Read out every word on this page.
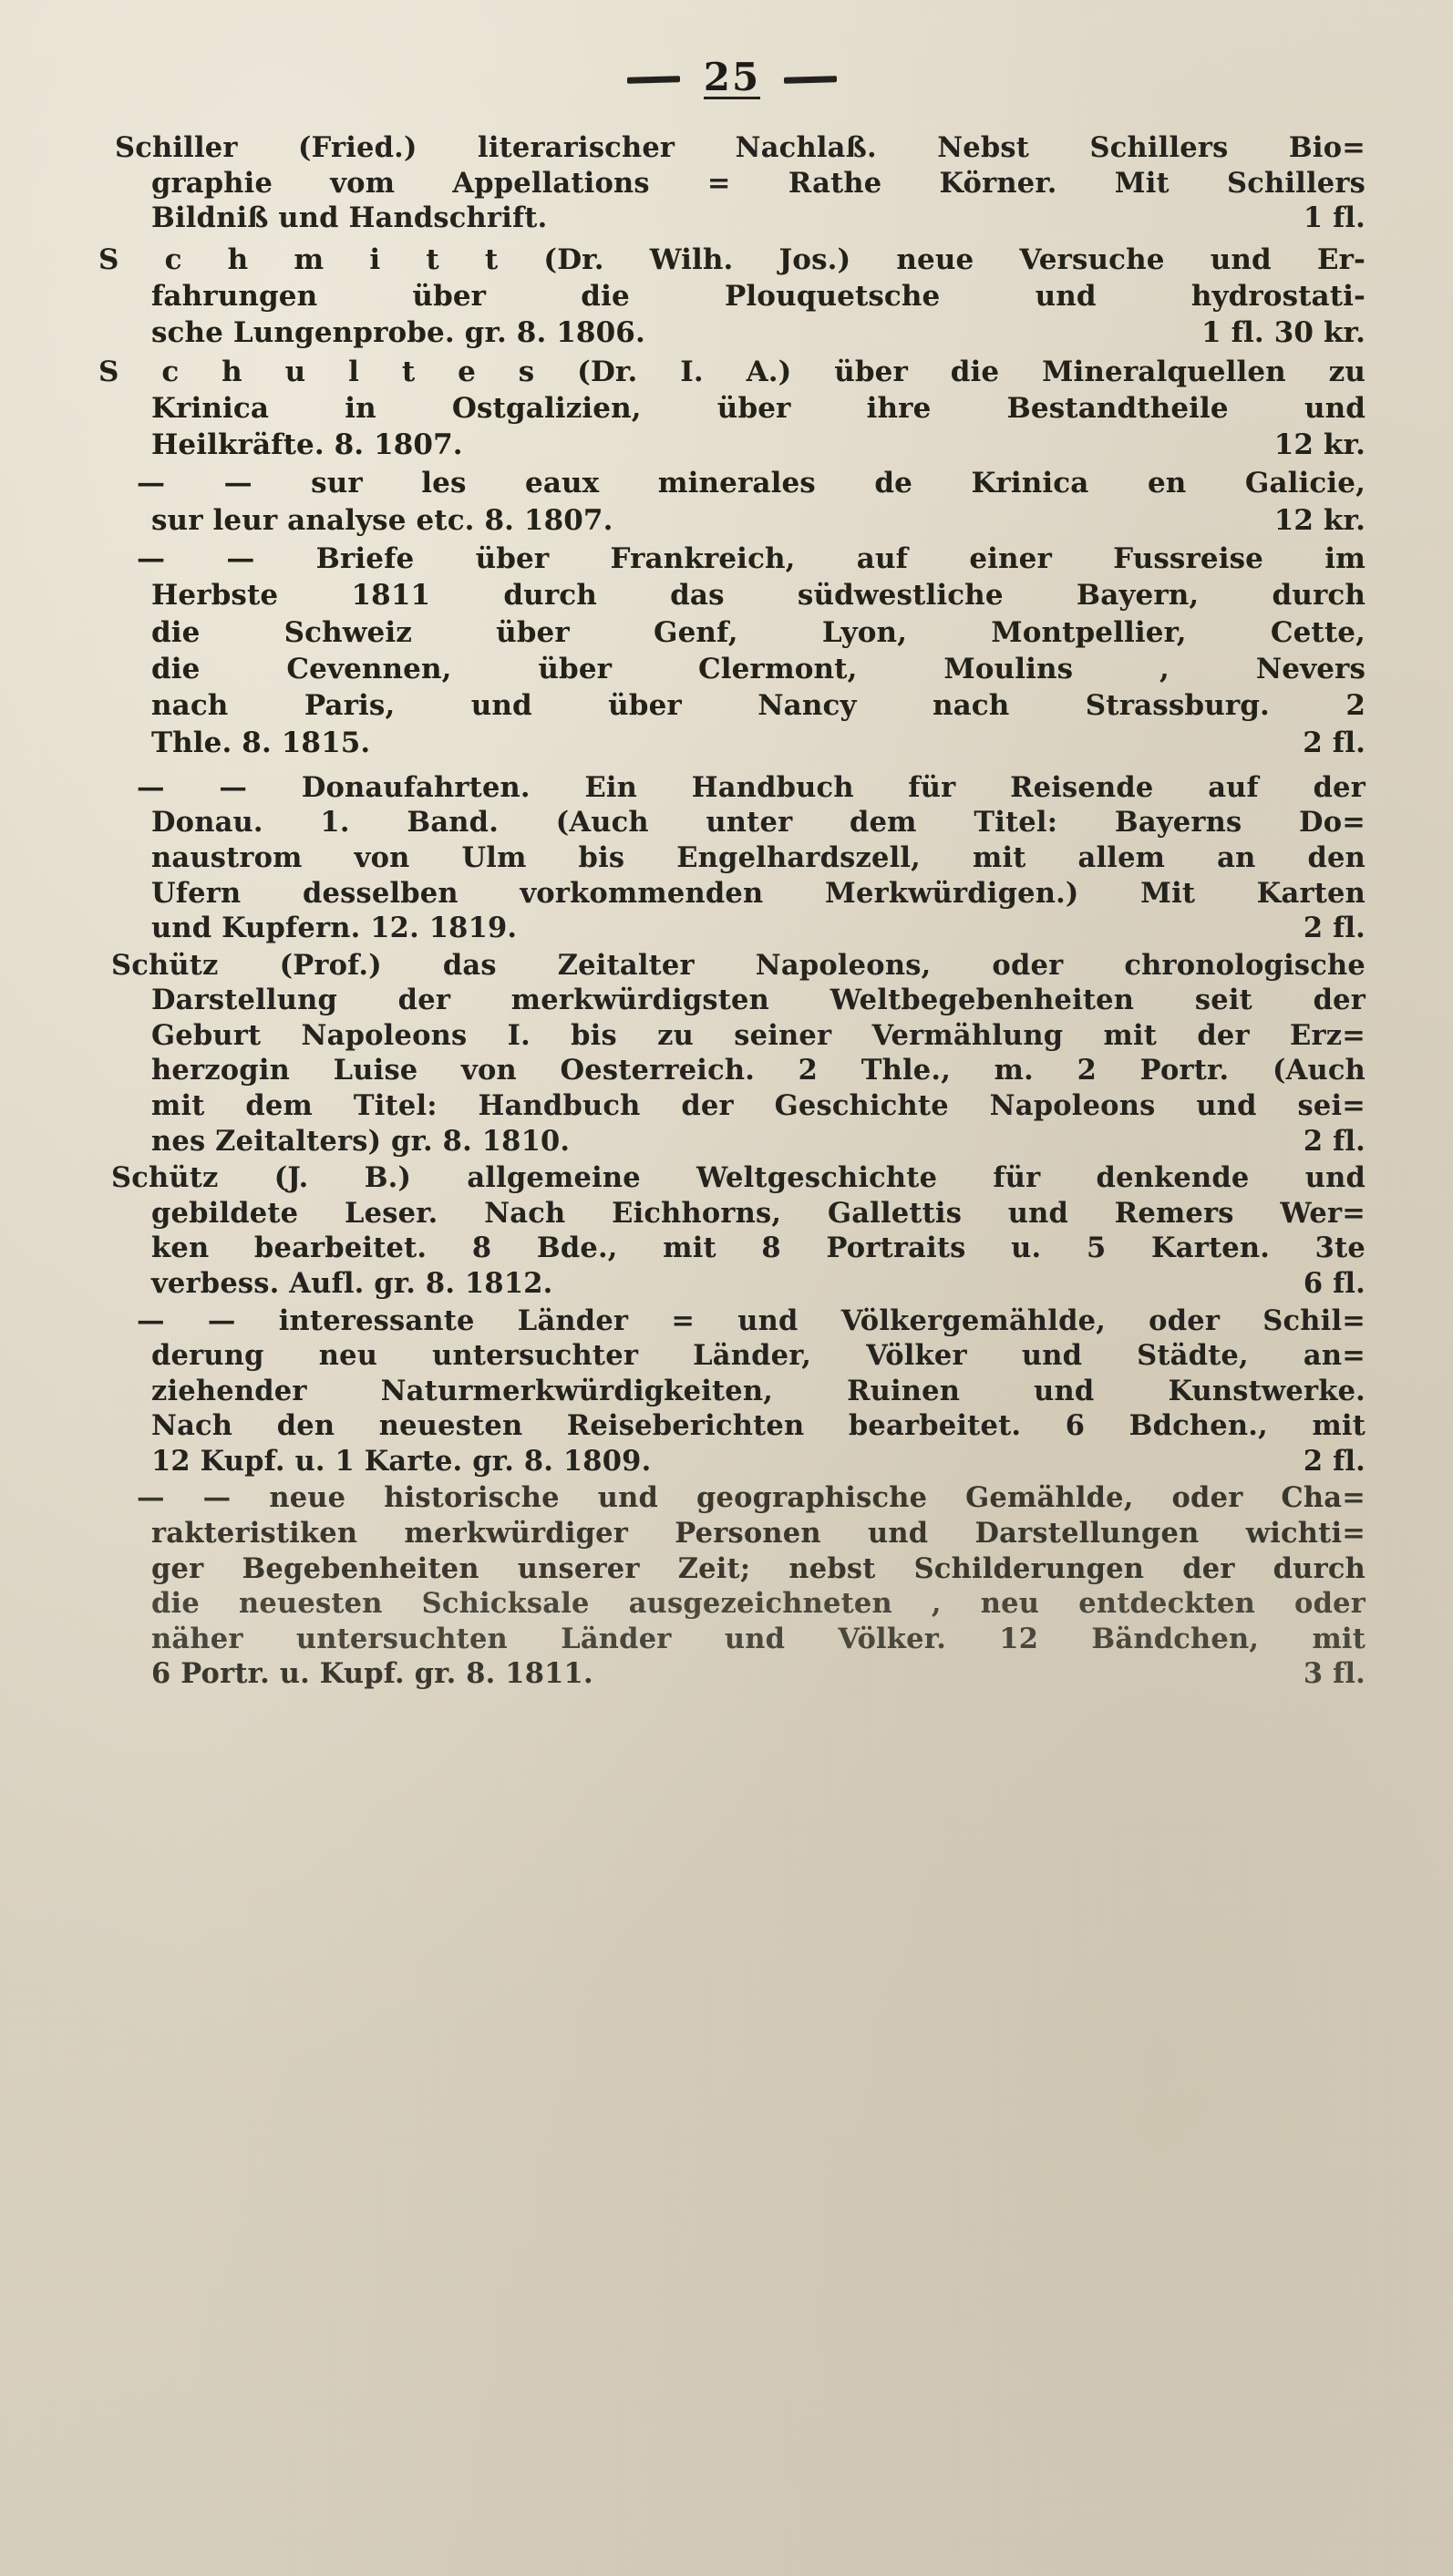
25
Schiller (Fried.) literarischer Nachlaß. Nebst Schillers Bio=
graphie vom Appellations = Rathe Körner. Mit Schillers
Bildniß und Handschrift.	1 fl.
S c h m i t t (Dr. Wilh. Jos.) neue Versuche und Er-
fahrungen über die Plouquetsche und hydrostati-
sche Lungenprobe. gr. 8. 1806.	1 fl. 30 kr.
S c h u l t e s (Dr. I. A.) über die Mineralquellen zu
Krinica in Ostgalizien, über ihre Bestandtheile und
Heilkräfte. 8. 1807.	12 kr.
— — sur les eaux minerales de Krinica en Galicie,
sur leur analyse etc. 8. 1807.	12 kr.
— — Briefe über Frankreich, auf einer Fussreise im
Herbste 1811 durch das südwestliche Bayern, durch
die Schweiz über Genf, Lyon, Montpellier, Cette,
die Cevennen, über Clermont, Moulins , Nevers
nach Paris, und über Nancy nach Strassburg. 2
Thle. 8. 1815.	2 fl.
— — Donaufahrten. Ein Handbuch für Reisende auf der
Donau. 1. Band. (Auch unter dem Titel: Bayerns Do=
naustrom von Ulm bis Engelhardszell, mit allem an den
Ufern desselben vorkommenden Merkwürdigen.) Mit Karten
und Kupfern. 12. 1819.	2 fl.
Schütz (Prof.) das Zeitalter Napoleons, oder chronologische
Darstellung der merkwürdigsten Weltbegebenheiten seit der
Geburt Napoleons I. bis zu seiner Vermählung mit der Erz=
herzogin Luise von Oesterreich. 2 Thle., m. 2 Portr. (Auch
mit dem Titel: Handbuch der Geschichte Napoleons und sei=
nes Zeitalters) gr. 8. 1810.	2 fl.
Schütz (J. B.) allgemeine Weltgeschichte für denkende und
gebildete Leser. Nach Eichhorns, Gallettis und Remers Wer=
ken bearbeitet. 8 Bde., mit 8 Portraits u. 5 Karten. 3te
verbess. Aufl. gr. 8. 1812.	6 fl.
— — interessante Länder = und Völkergemählde, oder Schil=
derung neu untersuchter Länder, Völker und Städte, an=
ziehender Naturmerkwürdigkeiten, Ruinen und Kunstwerke.
Nach den neuesten Reiseberichten bearbeitet. 6 Bdchen., mit
12 Kupf. u. 1 Karte. gr. 8. 1809.	2 fl.
— — neue historische und geographische Gemählde, oder Cha=
rakteristiken merkwürdiger Personen und Darstellungen wichti=
ger Begebenheiten unserer Zeit; nebst Schilderungen der durch
die neuesten Schicksale ausgezeichneten , neu entdeckten oder
näher untersuchten Länder und Völker. 12 Bändchen, mit
6 Portr. u. Kupf. gr. 8. 1811.	3 fl.
